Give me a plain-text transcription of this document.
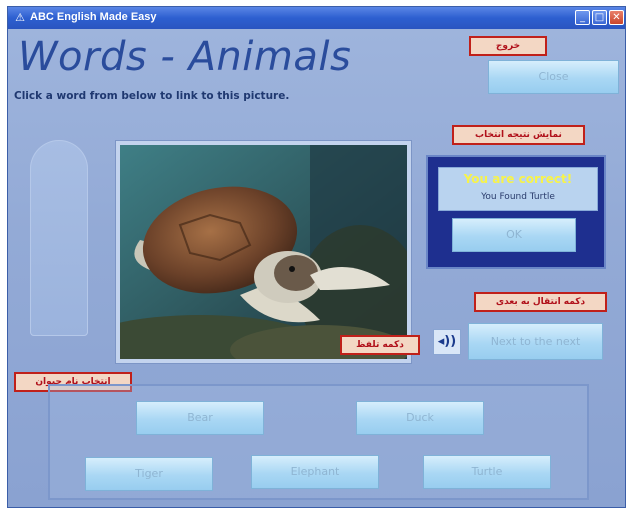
⚠ ABC English Made Easy	_ □ ✕
Words - Animals
Click a word from below to link to this picture.
خروج
Close
نمایش نتیجه انتخاب
You are correct!
You Found Turtle
OK
دکمه انتقال به بعدی
دکمه تلفظ	◂))	Next to the next
انتخاب نام حیوان
Bear	Duck
Tiger	Elephant	Turtle
